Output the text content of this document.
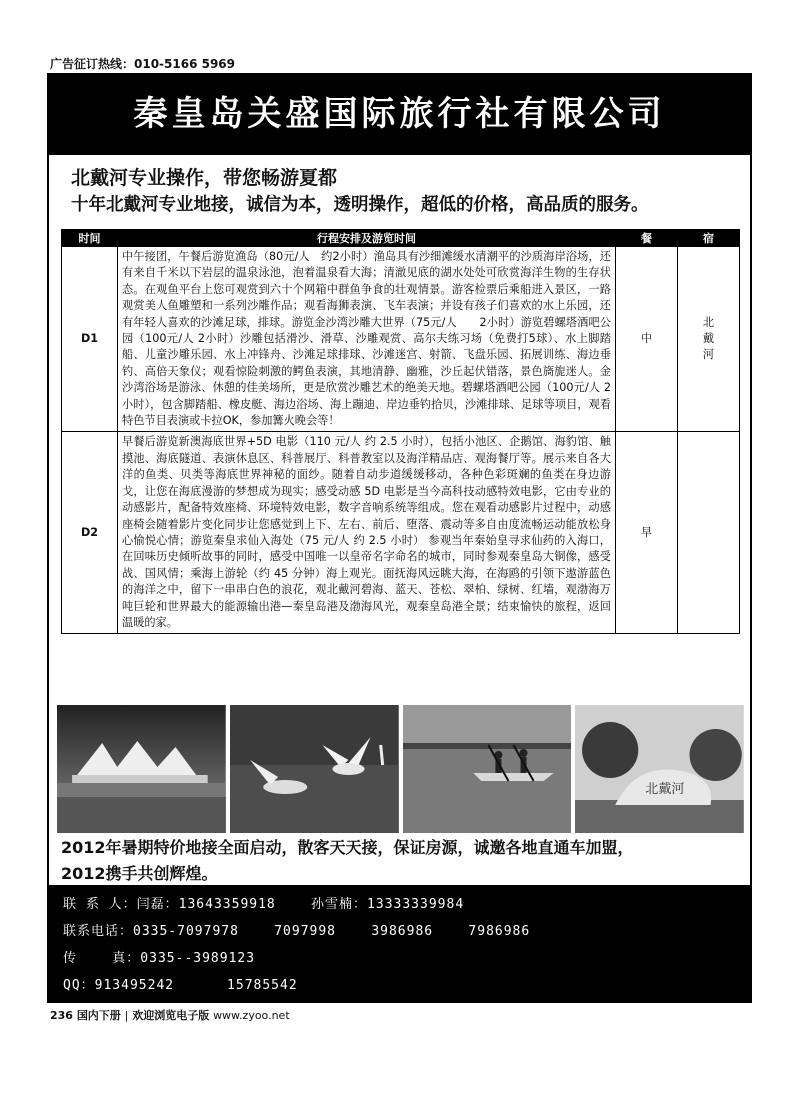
广告征订热线：010-5166 5969
秦皇岛关盛国际旅行社有限公司
北戴河专业操作，带您畅游夏都
十年北戴河专业地接，诚信为本，透明操作，超低的价格，高品质的服务。
时间	行程安排及游览时间	餐	宿
D1	中午接团，午餐后游览渔岛（80元/人　约2小时）渔岛具有沙细滩缓水清潮平的沙质海岸浴场，还有来自千米以下岩层的温泉泳池，泡着温泉看大海；清澈见底的湖水处处可欣赏海洋生物的生存状态。在观鱼平台上您可观赏到六十个网箱中群鱼争食的壮观情景。游客检票后乘船进入景区，一路观赏美人鱼雕塑和一系列沙雕作品；观看海狮表演、飞车表演；并设有孩子们喜欢的水上乐园，还有年轻人喜欢的沙滩足球，排球。游览金沙湾沙雕大世界（75元/人　　2小时）游览碧螺塔酒吧公园（100元/人 2小时）沙雕包括滑沙、滑草、沙雕观赏、高尔夫练习场（免费打5球）、水上脚踏船、儿童沙雕乐园、水上冲锋舟、沙滩足球排球、沙滩迷宫、射箭、飞盘乐园、拓展训练、海边垂钓、高倍天象仪；观看惊险刺激的鳄鱼表演，其地清静、幽雅，沙丘起伏错落，景色旖旎迷人。金沙湾浴场是游泳、休憩的佳美场所，更是欣赏沙雕艺术的绝美天地。碧螺塔酒吧公园（100元/人 2小时），包含脚踏船、橡皮艇、海边浴场、海上蹦迪、岸边垂钓拾贝，沙滩排球、足球等项目，观看特色节目表演或卡拉OK，参加篝火晚会等！	中	北戴河

D2	早餐后游览新澳海底世界+5D 电影（110 元/人 约 2.5 小时），包括小池区、企鹅馆、海豹馆、触摸池、海底隧道、表演休息区、科普展厅、科普教室以及海洋精品店、观海餐厅等。展示来自各大洋的鱼类、贝类等海底世界神秘的面纱。随着自动步道缓缓移动，各种色彩斑斓的鱼类在身边游戈，让您在海底漫游的梦想成为现实；感受动感 5D 电影是当今高科技动感特效电影，它由专业的动感影片，配备特效座椅、环境特效电影，数字音响系统等组成。您在观看动感影片过程中，动感座椅会随着影片变化同步让您感觉到上下、左右、前后、堕落、震动等多自由度流畅运动能放松身心愉悦心情；游览秦皇求仙入海处（75 元/人 约 2.5 小时） 参观当年秦始皇寻求仙药的入海口，在回味历史倾听故事的同时，感受中国唯一以皇帝名字命名的城市，同时参观秦皇岛大铜像，感受战、国风情；乘海上游轮（约 45 分钟）海上观光。面抚海风远眺大海，在海鸥的引领下遨游蓝色的海洋之中，留下一串串白色的浪花，观北戴河碧海、蓝天、苍松、翠柏、绿树、红墙，观渤海万吨巨轮和世界最大的能源输出港—秦皇岛港及渤海风光，观秦皇岛港全景；结束愉快的旅程，返回温暖的家。	早	
北戴河
2012年暑期特价地接全面启动，散客天天接，保证房源，诚邀各地直通车加盟，
2012携手共创辉煌。
联 系 人：闫磊：13643359918    孙雪楠：13333339984
联系电话：0335-7097978    7097998    3986986    7986986
传    真：0335--3989123
QQ：913495242      15785542
236 国内下册 | 欢迎浏览电子版 www.zyoo.net
